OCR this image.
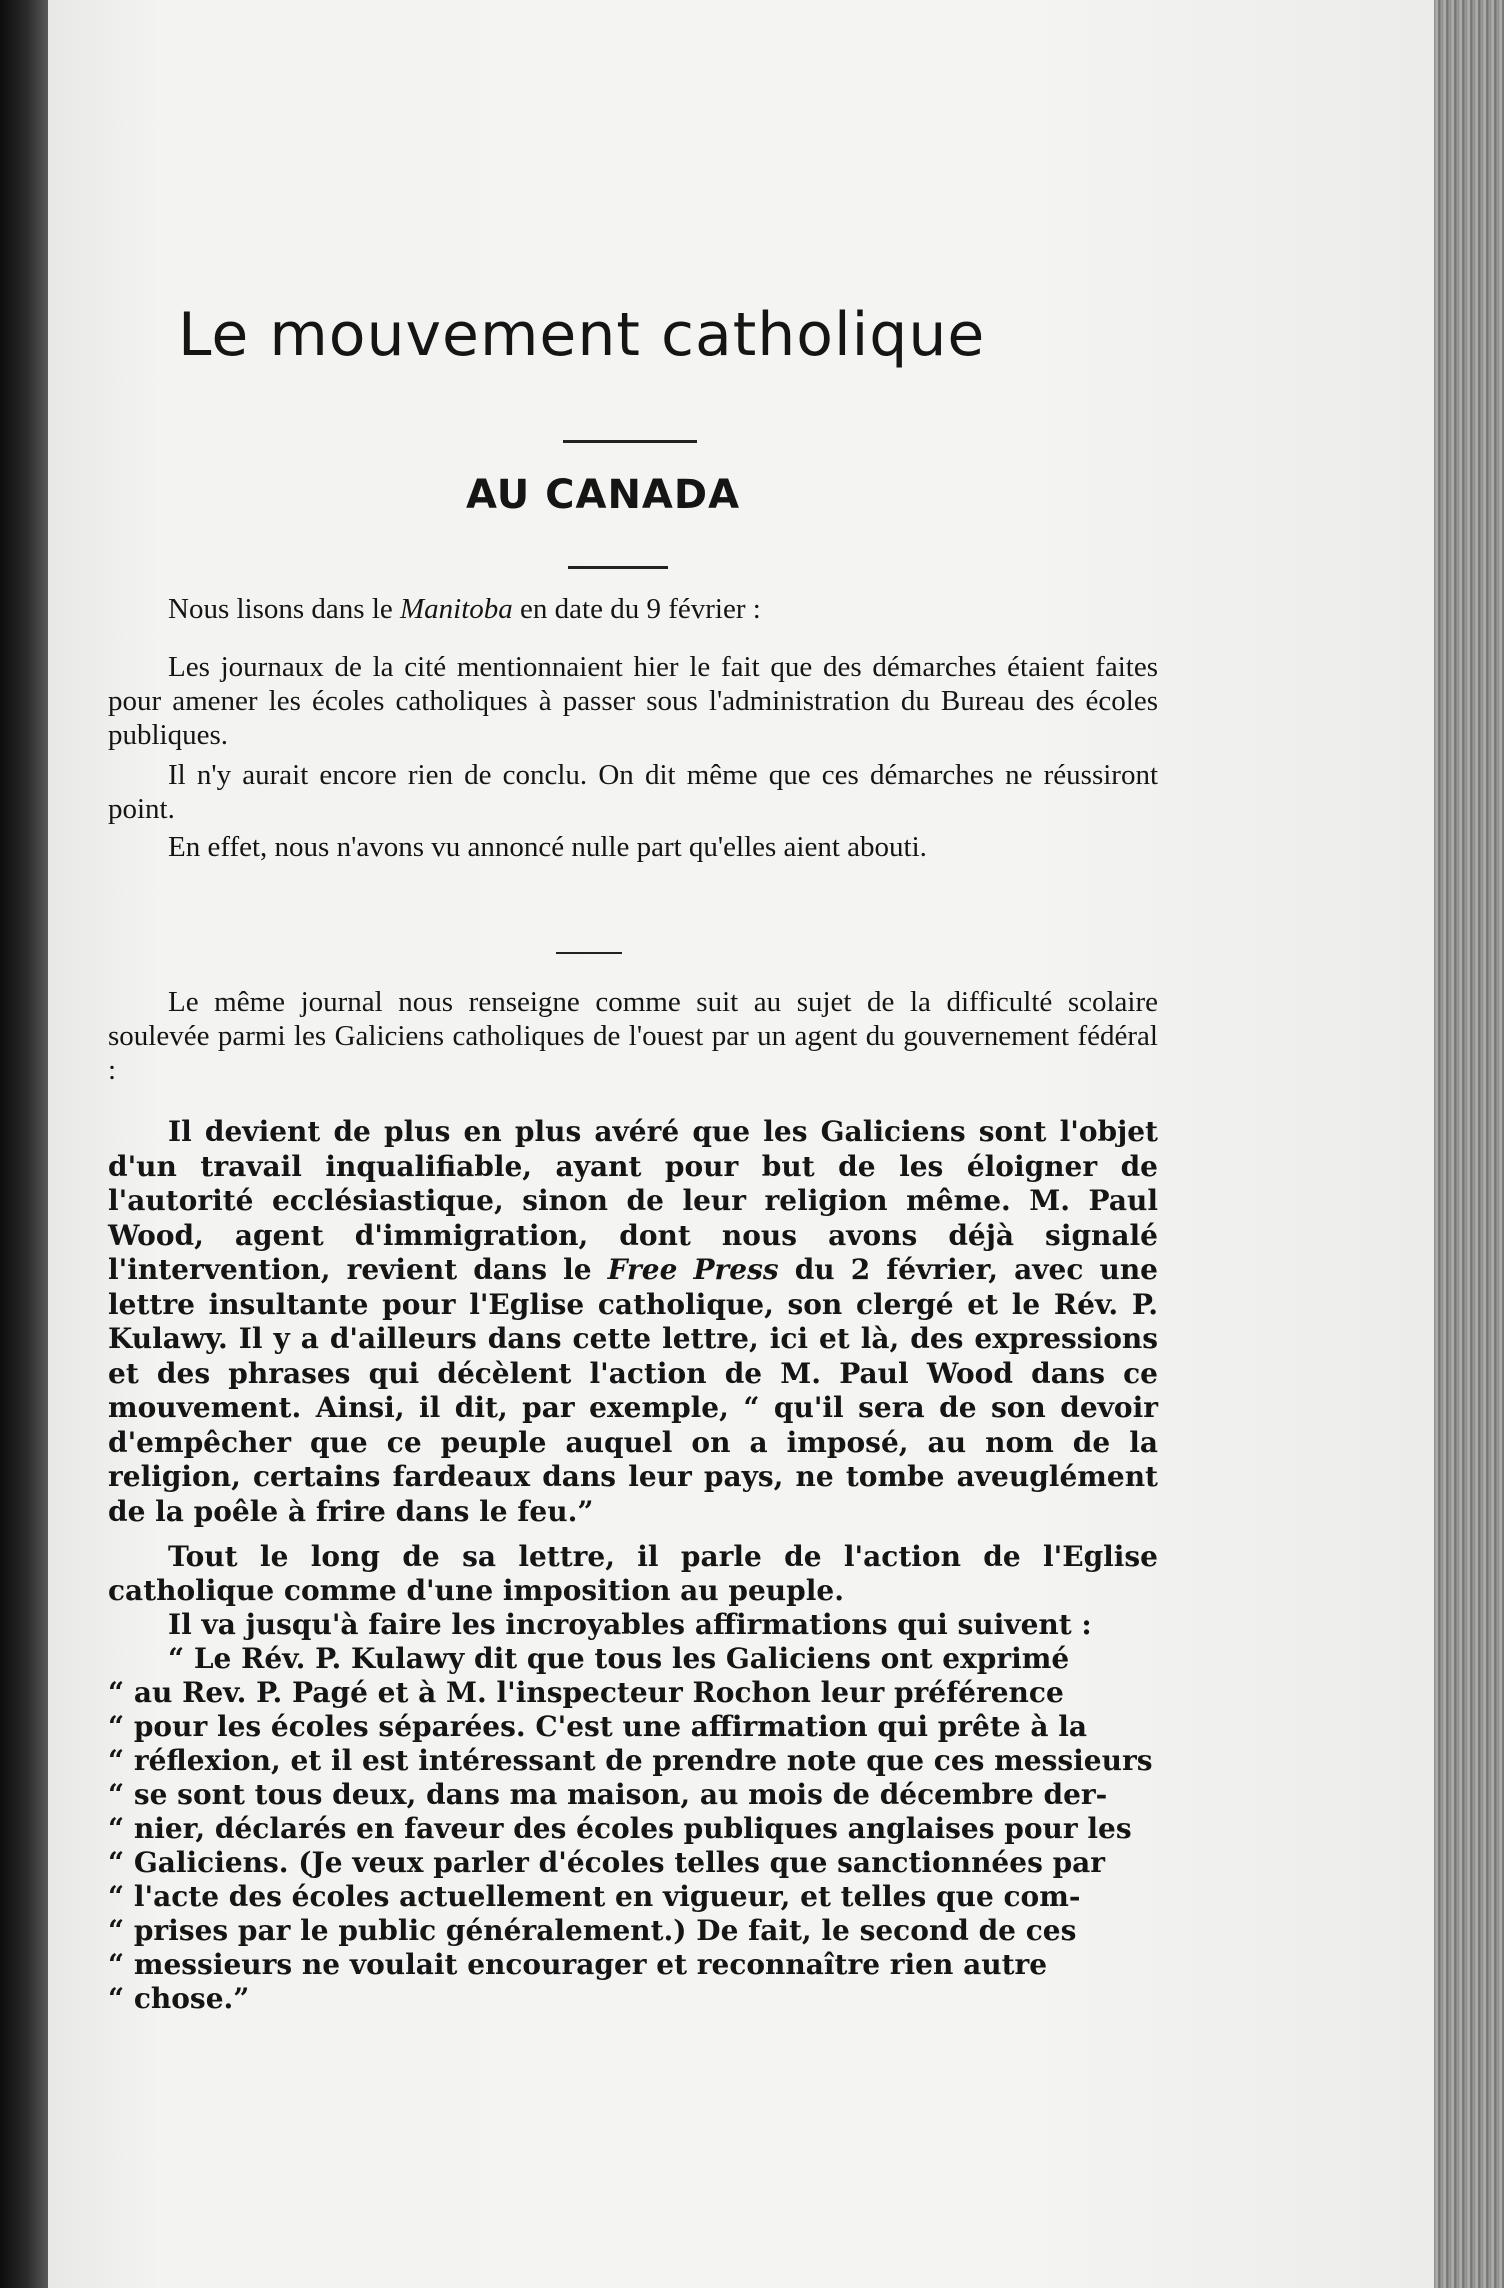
Le mouvement catholique
AU CANADA

Nous lisons dans le Manitoba en date du 9 février :

Les journaux de la cité mentionnaient hier le fait que des démarches étaient faites pour amener les écoles catholiques à passer sous l'administration du Bureau des écoles publiques.

Il n'y aurait encore rien de conclu. On dit même que ces démarches ne réussiront point.

En effet, nous n'avons vu annoncé nulle part qu'elles aient abouti.

Le même journal nous renseigne comme suit au sujet de la difficulté scolaire soulevée parmi les Galiciens catholiques de l'ouest par un agent du gouvernement fédéral :

Il devient de plus en plus avéré que les Galiciens sont l'objet d'un travail inqualifiable, ayant pour but de les éloigner de l'autorité ecclésiastique, sinon de leur religion même. M. Paul Wood, agent d'immigration, dont nous avons déjà signalé l'intervention, revient dans le Free Press du 2 février, avec une lettre insultante pour l'Eglise catholique, son clergé et le Rév. P. Kulawy. Il y a d'ailleurs dans cette lettre, ici et là, des expressions et des phrases qui décèlent l'action de M. Paul Wood dans ce mouvement. Ainsi, il dit, par exemple, “ qu'il sera de son devoir d'empêcher que ce peuple auquel on a imposé, au nom de la religion, certains fardeaux dans leur pays, ne tombe aveuglément de la poêle à frire dans le feu.”

Tout le long de sa lettre, il parle de l'action de l'Eglise catholique comme d'une imposition au peuple.

Il va jusqu'à faire les incroyables affirmations qui suivent :

“ Le Rév. P. Kulawy dit que tous les Galiciens ont exprimé

“ au Rev. P. Pagé et à M. l'inspecteur Rochon leur préférence

“ pour les écoles séparées. C'est une affirmation qui prête à la

“ réflexion, et il est intéressant de prendre note que ces messieurs

“ se sont tous deux, dans ma maison, au mois de décembre der-

“ nier, déclarés en faveur des écoles publiques anglaises pour les

“ Galiciens. (Je veux parler d'écoles telles que sanctionnées par

“ l'acte des écoles actuellement en vigueur, et telles que com-

“ prises par le public généralement.) De fait, le second de ces

“ messieurs ne voulait encourager et reconnaître rien autre

“ chose.”
